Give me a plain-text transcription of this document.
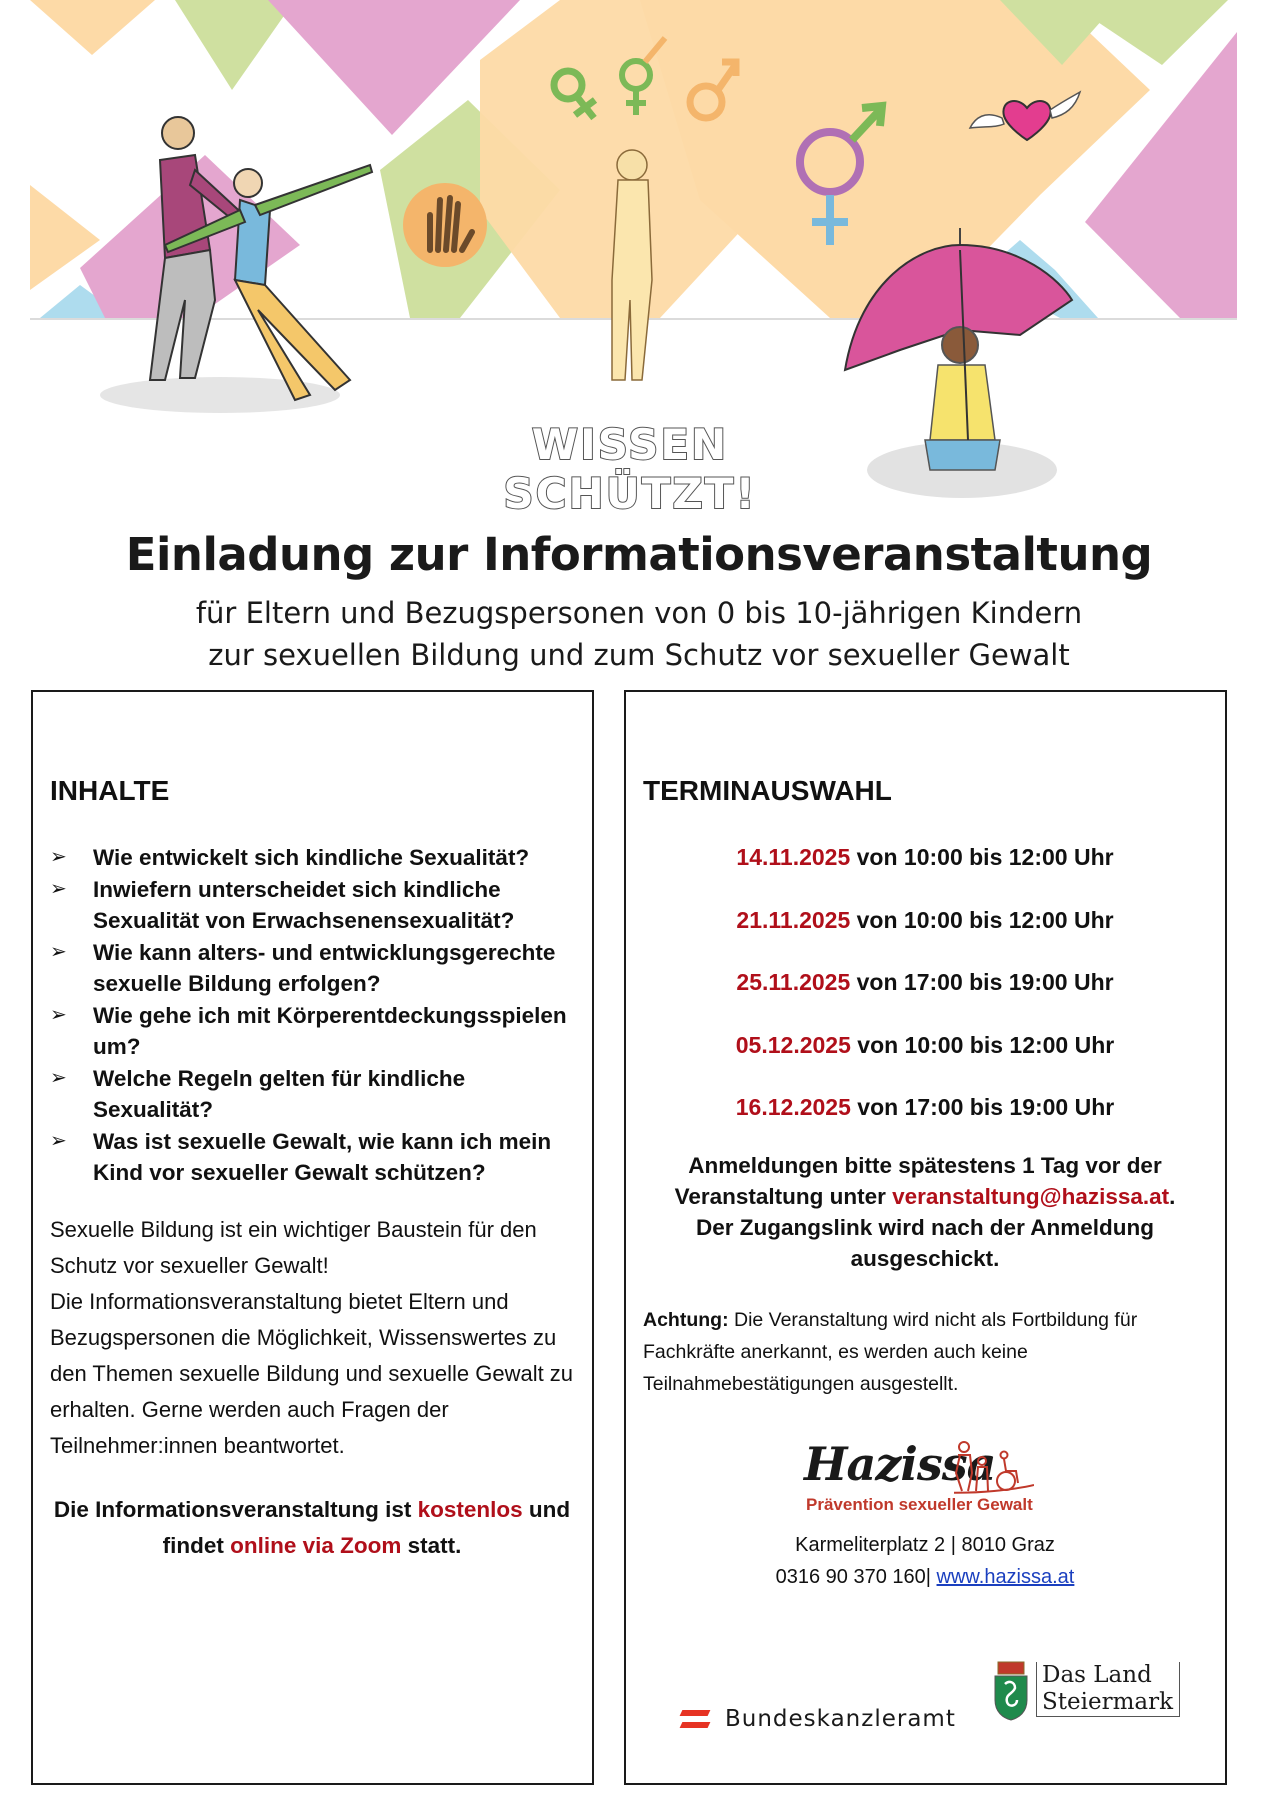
WISSEN SCHÜTZT!
Einladung zur Informationsveranstaltung
für Eltern und Bezugspersonen von 0 bis 10-jährigen Kindern
zur sexuellen Bildung und zum Schutz vor sexueller Gewalt
INHALTE
➢ Wie entwickelt sich kindliche Sexualität?
➢ Inwiefern unterscheidet sich kindliche Sexualität von Erwachsenensexualität?
➢ Wie kann alters- und entwicklungsgerechte sexuelle Bildung erfolgen?
➢ Wie gehe ich mit Körperentdeckungsspielen um?
➢ Welche Regeln gelten für kindliche Sexualität?
➢ Was ist sexuelle Gewalt, wie kann ich mein Kind vor sexueller Gewalt schützen?
Sexuelle Bildung ist ein wichtiger Baustein für den Schutz vor sexueller Gewalt!
Die Informationsveranstaltung bietet Eltern und Bezugspersonen die Möglichkeit, Wissenswertes zu den Themen sexuelle Bildung und sexuelle Gewalt zu erhalten. Gerne werden auch Fragen der Teilnehmer:innen beantwortet.
Die Informationsveranstaltung ist kostenlos und findet online via Zoom statt.
TERMINAUSWAHL
14.11.2025 von 10:00 bis 12:00 Uhr
21.11.2025 von 10:00 bis 12:00 Uhr
25.11.2025 von 17:00 bis 19:00 Uhr
05.12.2025 von 10:00 bis 12:00 Uhr
16.12.2025 von 17:00 bis 19:00 Uhr
Anmeldungen bitte spätestens 1 Tag vor der
Veranstaltung unter veranstaltung@hazissa.at.
Der Zugangslink wird nach der Anmeldung
ausgeschickt.
Achtung: Die Veranstaltung wird nicht als Fortbildung für Fachkräfte anerkannt, es werden auch keine Teilnahmebestätigungen ausgestellt.
Hazissa
Prävention sexueller Gewalt
Karmeliterplatz 2 | 8010 Graz
0316 90 370 160| www.hazissa.at
Bundeskanzleramt
Das Land
Steiermark
